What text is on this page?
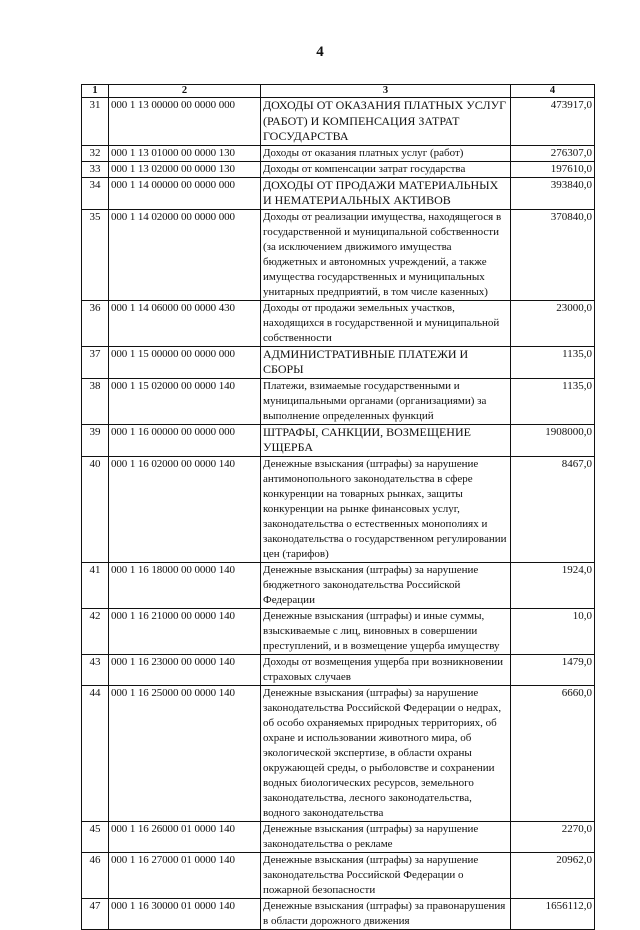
4
1	2	3	4
31	000 1 13 00000 00 0000 000	ДОХОДЫ ОТ ОКАЗАНИЯ ПЛАТНЫХ УСЛУГ (РАБОТ) И КОМПЕНСАЦИЯ ЗАТРАТ ГОСУДАРСТВА	473917,0
32	000 1 13 01000 00 0000 130	Доходы от оказания платных услуг (работ)	276307,0
33	000 1 13 02000 00 0000 130	Доходы от компенсации затрат государства	197610,0
34	000 1 14 00000 00 0000 000	ДОХОДЫ ОТ ПРОДАЖИ МАТЕРИАЛЬНЫХ И НЕМАТЕРИАЛЬНЫХ АКТИВОВ	393840,0
35	000 1 14 02000 00 0000 000	Доходы от реализации имущества, находящегося в государственной и муниципальной собственности (за исключением движимого имущества бюджетных и автономных учреждений, а также имущества государственных и муниципальных унитарных предприятий, в том числе казенных)	370840,0
36	000 1 14 06000 00 0000 430	Доходы от продажи земельных участков, находящихся в государственной и муниципальной собственности	23000,0
37	000 1 15 00000 00 0000 000	АДМИНИСТРАТИВНЫЕ ПЛАТЕЖИ И СБОРЫ	1135,0
38	000 1 15 02000 00 0000 140	Платежи, взимаемые государственными и муниципальными органами (организациями) за выполнение определенных функций	1135,0
39	000 1 16 00000 00 0000 000	ШТРАФЫ, САНКЦИИ, ВОЗМЕЩЕНИЕ УЩЕРБА	1908000,0
40	000 1 16 02000 00 0000 140	Денежные взыскания (штрафы) за нарушение антимонопольного законодательства в сфере конкуренции на товарных рынках, защиты конкуренции на рынке финансовых услуг, законодательства о естественных монополиях и законодательства о государственном регулировании цен (тарифов)	8467,0
41	000 1 16 18000 00 0000 140	Денежные взыскания (штрафы) за нарушение бюджетного законодательства Российской Федерации	1924,0
42	000 1 16 21000 00 0000 140	Денежные взыскания (штрафы) и иные суммы, взыскиваемые с лиц, виновных в совершении преступлений, и в возмещение ущерба имуществу	10,0
43	000 1 16 23000 00 0000 140	Доходы от возмещения ущерба при возникновении страховых случаев	1479,0
44	000 1 16 25000 00 0000 140	Денежные взыскания (штрафы) за нарушение законодательства Российской Федерации о недрах, об особо охраняемых природных территориях, об охране и использовании животного мира, об экологической экспертизе, в области охраны окружающей среды, о рыболовстве и сохранении водных биологических ресурсов, земельного законодательства, лесного законодательства, водного законодательства	6660,0
45	000 1 16 26000 01 0000 140	Денежные взыскания (штрафы) за нарушение законодательства о рекламе	2270,0
46	000 1 16 27000 01 0000 140	Денежные взыскания (штрафы) за нарушение законодательства Российской Федерации о пожарной безопасности	20962,0
47	000 1 16 30000 01 0000 140	Денежные взыскания (штрафы) за правонарушения в области дорожного движения	1656112,0
